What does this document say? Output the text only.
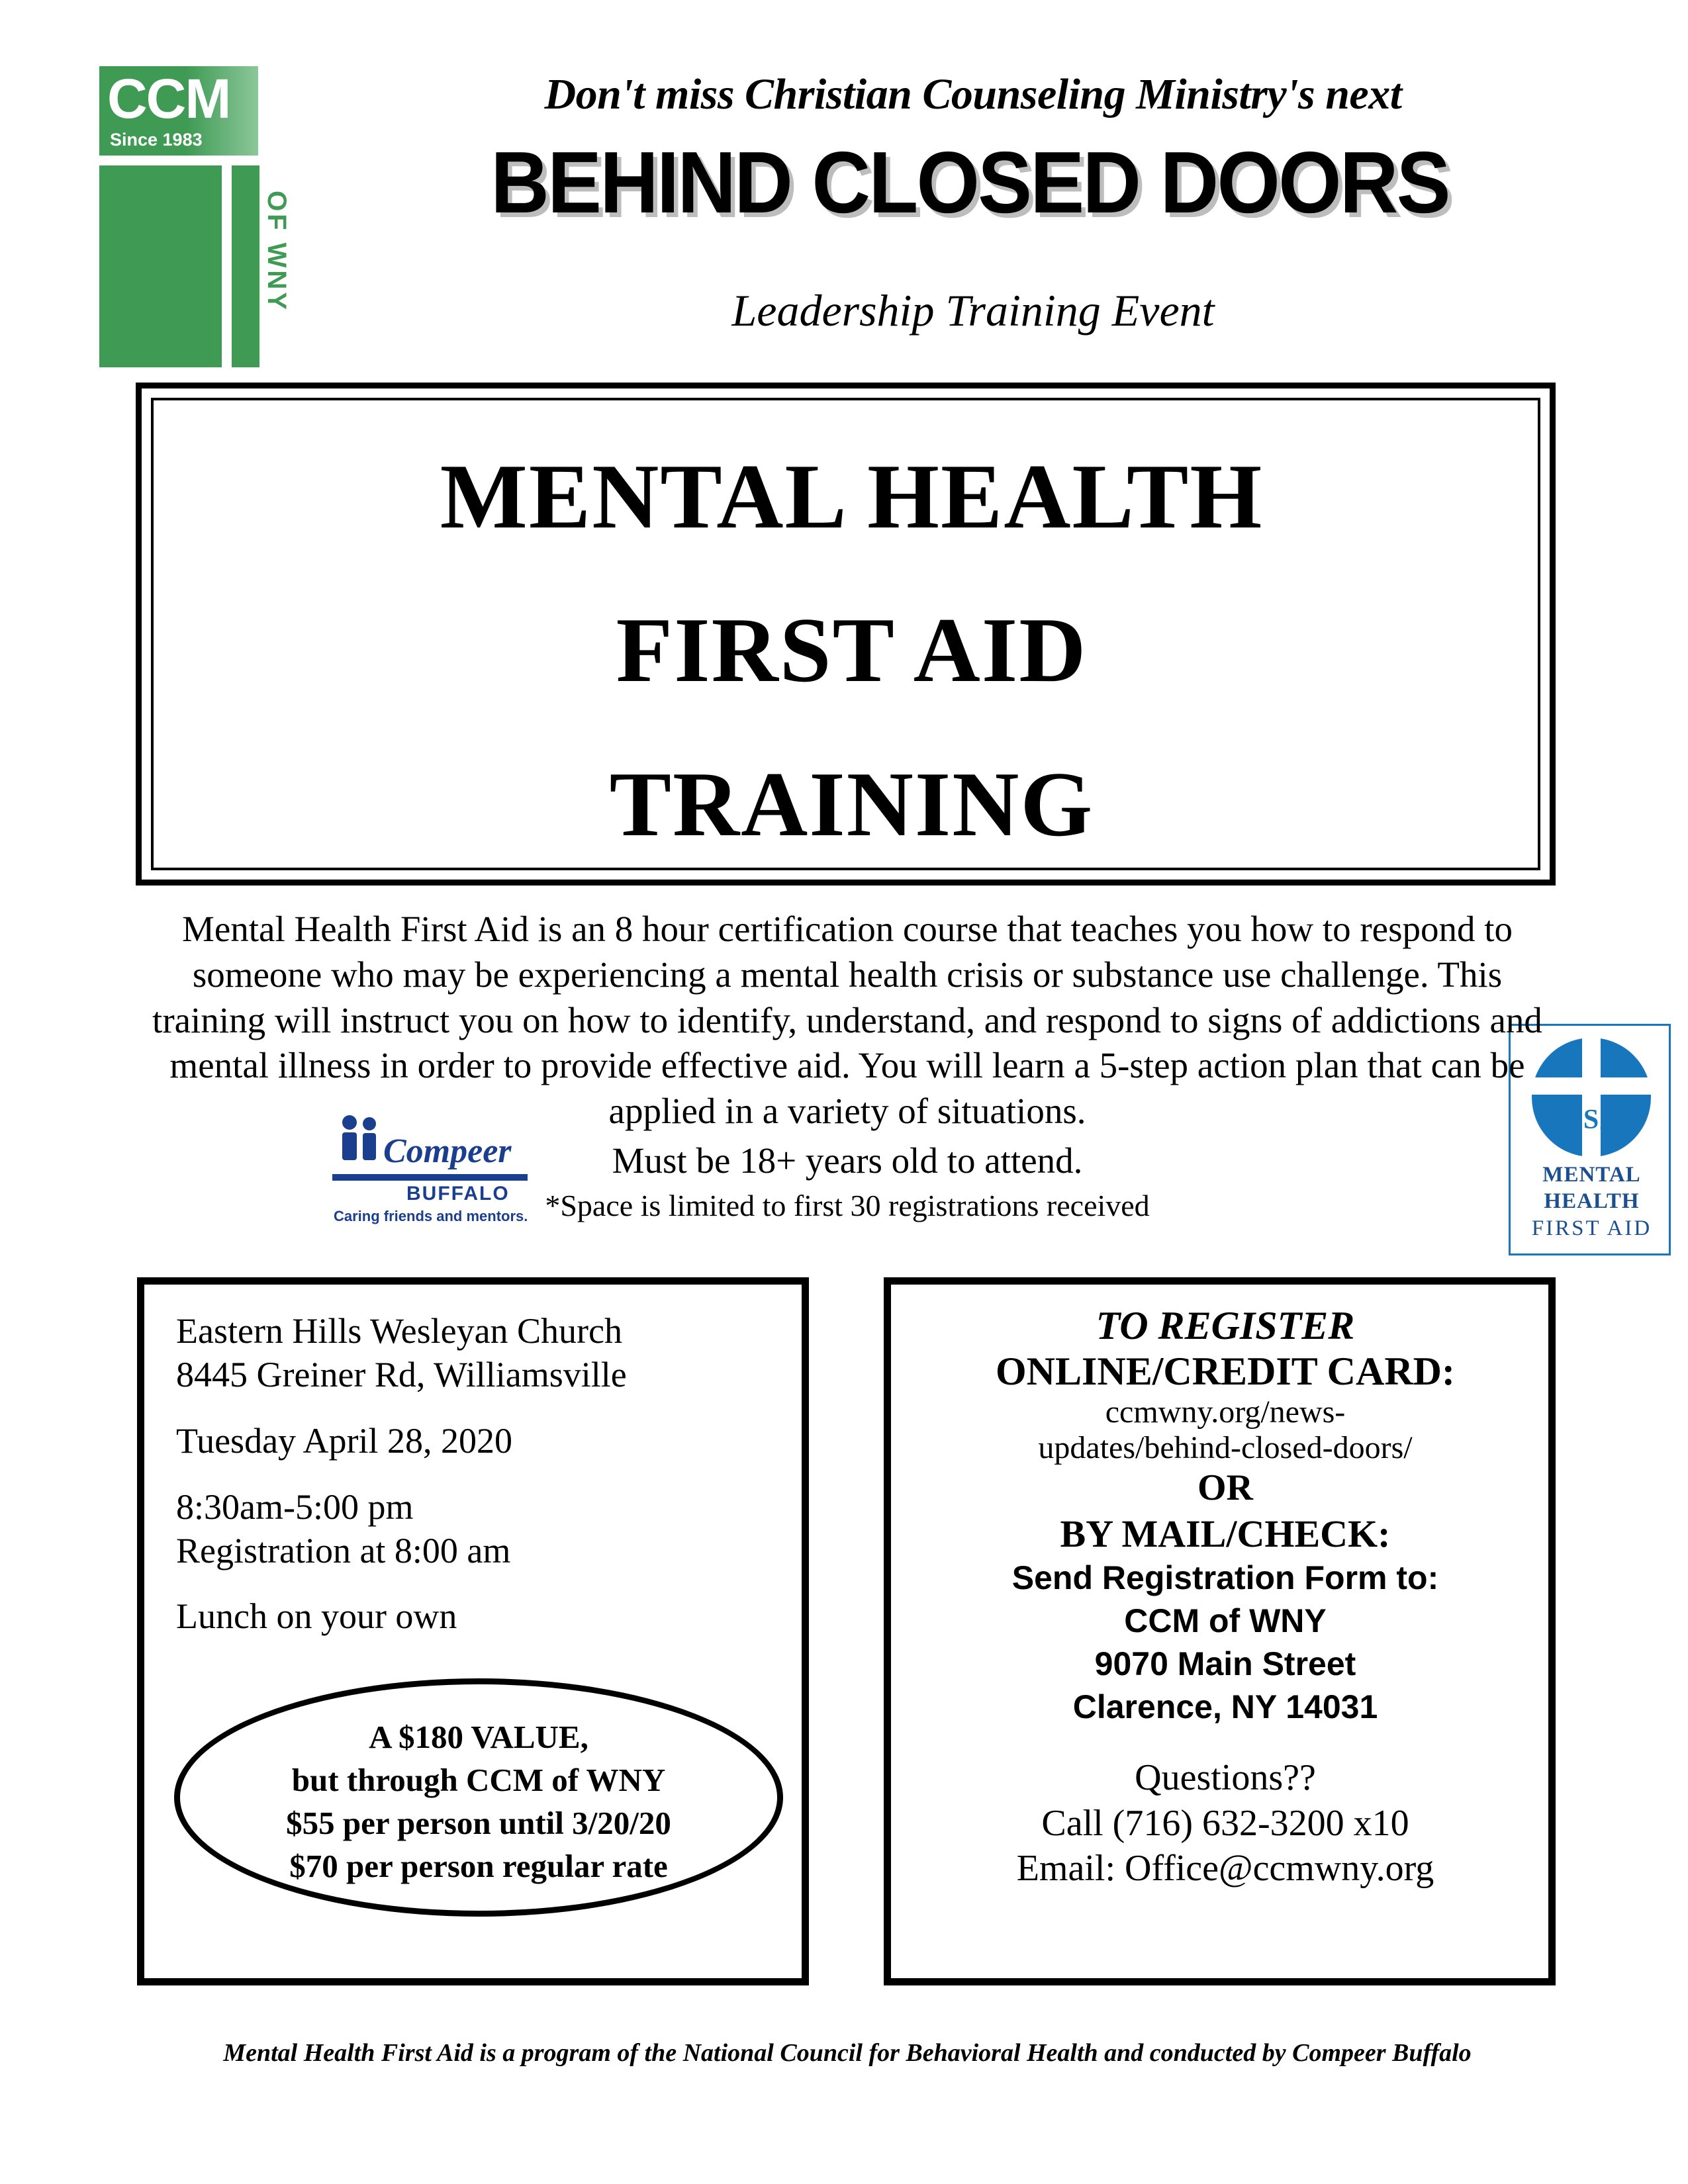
CCM
Since 1983
OF WNY
Don't miss Christian Counseling Ministry's next
BEHIND CLOSED DOORS
Leadership Training Event
MENTAL HEALTH
FIRST AID
TRAINING
Compeer
BUFFALO
Caring friends and mentors.
USA
MENTAL
HEALTH
FIRST AID
Mental Health First Aid is an 8 hour certification course that teaches you how to respond to someone who may be experiencing a mental health crisis or substance use challenge. This training will instruct you on how to identify, understand, and respond to signs of addictions and mental illness in order to provide effective aid. You will learn a 5-step action plan that can be applied in a variety of situations.
Must be 18+ years old to attend.
*Space is limited to first 30 registrations received
Eastern Hills Wesleyan Church
8445 Greiner Rd, Williamsville
Tuesday April 28, 2020
8:30am-5:00 pm
Registration at 8:00 am
Lunch on your own
A $180 VALUE,
but through CCM of WNY
$55 per person until 3/20/20
$70 per person regular rate
TO REGISTER
ONLINE/CREDIT CARD:
ccmwny.org/news-
updates/behind-closed-doors/
OR
BY MAIL/CHECK:
Send Registration Form to:
CCM of WNY
9070 Main Street
Clarence, NY 14031
Questions??
Call (716) 632-3200 x10
Email: Office@ccmwny.org
Mental Health First Aid is a program of the National Council for Behavioral Health and conducted by Compeer Buffalo
